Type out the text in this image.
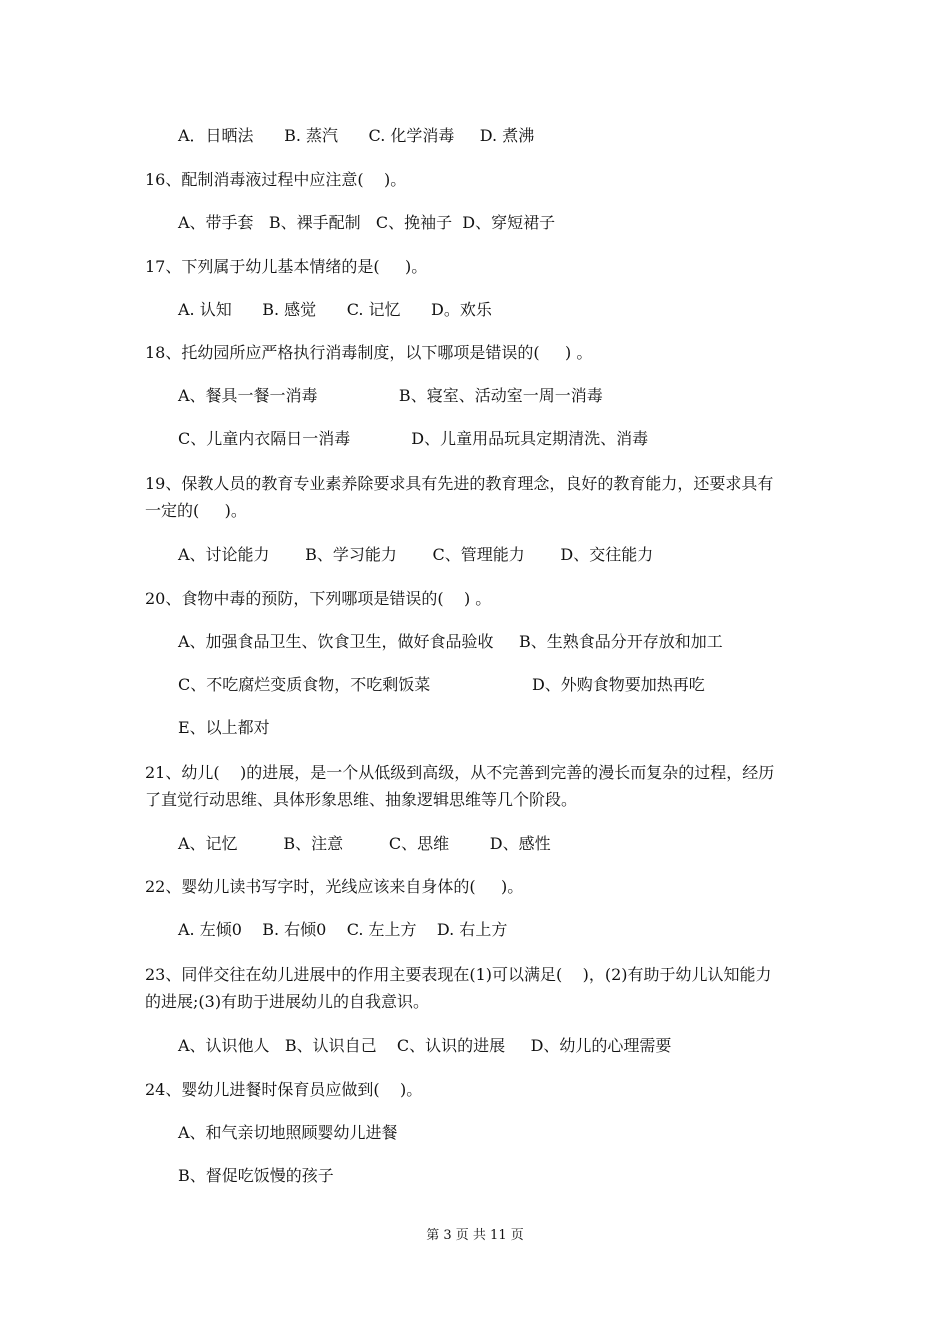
A．日晒法      B. 蒸汽      C. 化学消毒     D. 煮沸
16、配制消毒液过程中应注意(    )。
A、带手套   B、裸手配制   C、挽袖子  D、穿短裙子
17、下列属于幼儿基本情绪的是(     )。
A. 认知      B. 感觉      C. 记忆      D。欢乐
18、托幼园所应严格执行消毒制度，以下哪项是错误的(     ) 。
A、餐具一餐一消毒                B、寝室、活动室一周一消毒
C、儿童内衣隔日一消毒            D、儿童用品玩具定期清洗、消毒
19、保教人员的教育专业素养除要求具有先进的教育理念，良好的教育能力，还要求具有
一定的(     )。
A、讨论能力       B、学习能力       C、管理能力       D、交往能力
20、食物中毒的预防，下列哪项是错误的(    ) 。
A、加强食品卫生、饮食卫生，做好食品验收     B、生熟食品分开存放和加工
C、不吃腐烂变质食物，不吃剩饭菜                    D、外购食物要加热再吃
E、以上都对
21、幼儿(    )的进展，是一个从低级到高级，从不完善到完善的漫长而复杂的过程，经历
了直觉行动思维、具体形象思维、抽象逻辑思维等几个阶段。
A、记忆         B、注意         C、思维        D、感性
22、婴幼儿读书写字时，光线应该来自身体的(     )。
A. 左倾0    B. 右倾0    C. 左上方    D. 右上方
23、同伴交往在幼儿进展中的作用主要表现在(1)可以满足(    )，(2)有助于幼儿认知能力
的进展;(3)有助于进展幼儿的自我意识。
A、认识他人   B、认识自己    C、认识的进展     D、幼儿的心理需要
24、婴幼儿进餐时保育员应做到(    )。
A、和气亲切地照顾婴幼儿进餐
B、督促吃饭慢的孩子
第 3 页 共 11 页
